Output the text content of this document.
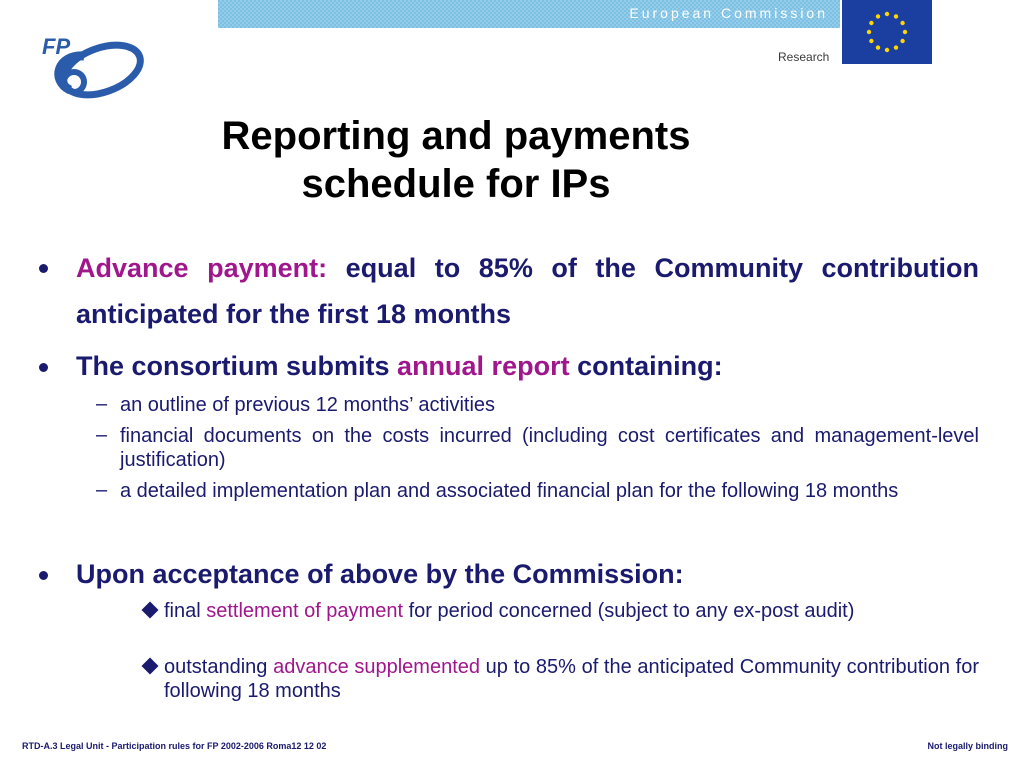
European Commission
Research
FP
Reporting and payments
schedule for IPs
Advance payment: equal to 85% of the Community contribution anticipated for the first 18 months
The consortium submits annual report containing:
– an outline of previous 12 months’ activities
– financial documents on the costs incurred (including cost certificates and management-level justification)
– a detailed implementation plan and associated financial plan for the following 18 months
Upon acceptance of above by the Commission:
final settlement of payment for period concerned (subject to any ex-post audit)
outstanding advance supplemented up to 85% of the anticipated Community contribution for following 18 months
RTD-A.3 Legal Unit - Participation rules for FP 2002-2006 Roma12 12 02	Not legally binding
